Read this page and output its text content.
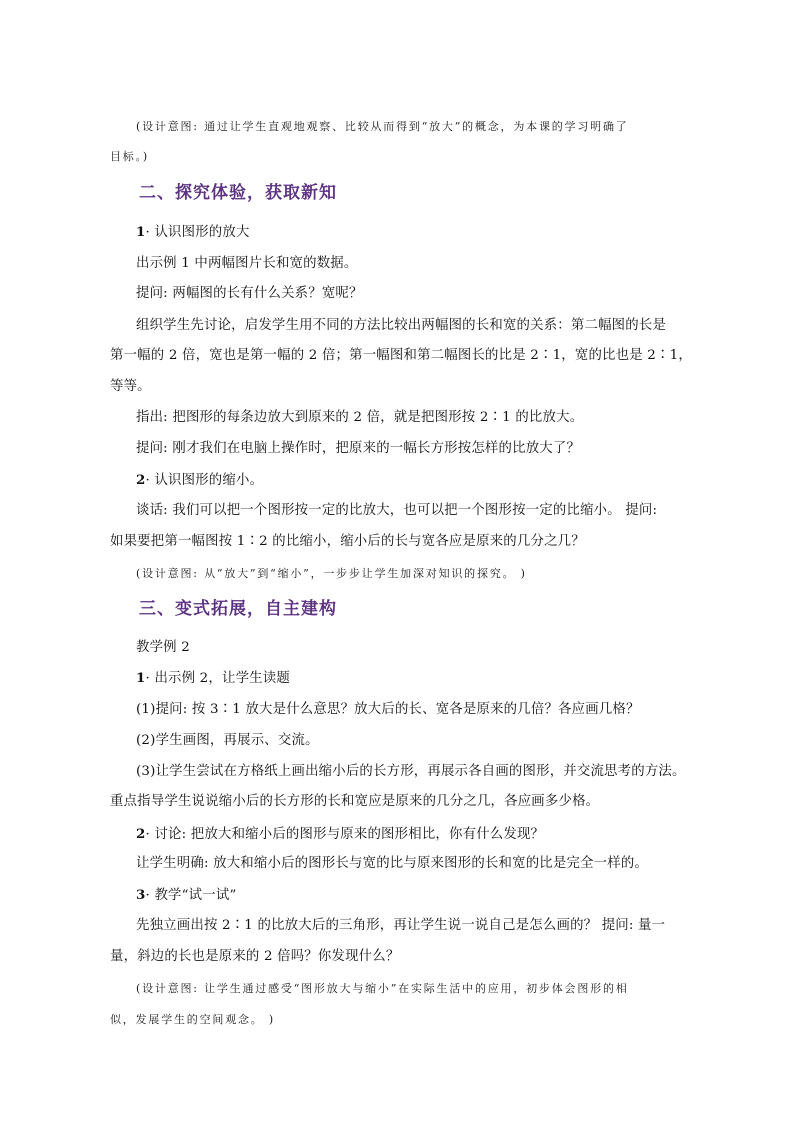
(设计意图: 通过让学生直观地观察、比较从而得到“放大”的概念，为本课的学习明确了
目标。)
二、探究体验，获取新知
1· 认识图形的放大
出示例 1 中两幅图片长和宽的数据。
提问: 两幅图的长有什么关系？宽呢？
组织学生先讨论，启发学生用不同的方法比较出两幅图的长和宽的关系：第二幅图的长是
第一幅的 2 倍，宽也是第一幅的 2 倍；第一幅图和第二幅图长的比是 2∶1，宽的比也是 2∶1，
等等。
指出: 把图形的每条边放大到原来的 2 倍，就是把图形按 2∶1 的比放大。
提问: 刚才我们在电脑上操作时，把原来的一幅长方形按怎样的比放大了？
2· 认识图形的缩小。
谈话: 我们可以把一个图形按一定的比放大，也可以把一个图形按一定的比缩小。 提问:
如果要把第一幅图按 1∶2 的比缩小，缩小后的长与宽各应是原来的几分之几？
(设计意图: 从“放大”到“缩小”，一步步让学生加深对知识的探究。 )
三、变式拓展，自主建构
教学例 2
1· 出示例 2，让学生读题
(1)提问: 按 3∶1 放大是什么意思？放大后的长、宽各是原来的几倍？各应画几格？
(2)学生画图，再展示、交流。
(3)让学生尝试在方格纸上画出缩小后的长方形，再展示各自画的图形，并交流思考的方法。
重点指导学生说说缩小后的长方形的长和宽应是原来的几分之几，各应画多少格。
2· 讨论: 把放大和缩小后的图形与原来的图形相比，你有什么发现？
让学生明确: 放大和缩小后的图形长与宽的比与原来图形的长和宽的比是完全一样的。
3· 教学“试一试”
先独立画出按 2∶1 的比放大后的三角形，再让学生说一说自己是怎么画的？ 提问: 量一
量，斜边的长也是原来的 2 倍吗？你发现什么？
(设计意图: 让学生通过感受“图形放大与缩小”在实际生活中的应用，初步体会图形的相
似，发展学生的空间观念。 )
